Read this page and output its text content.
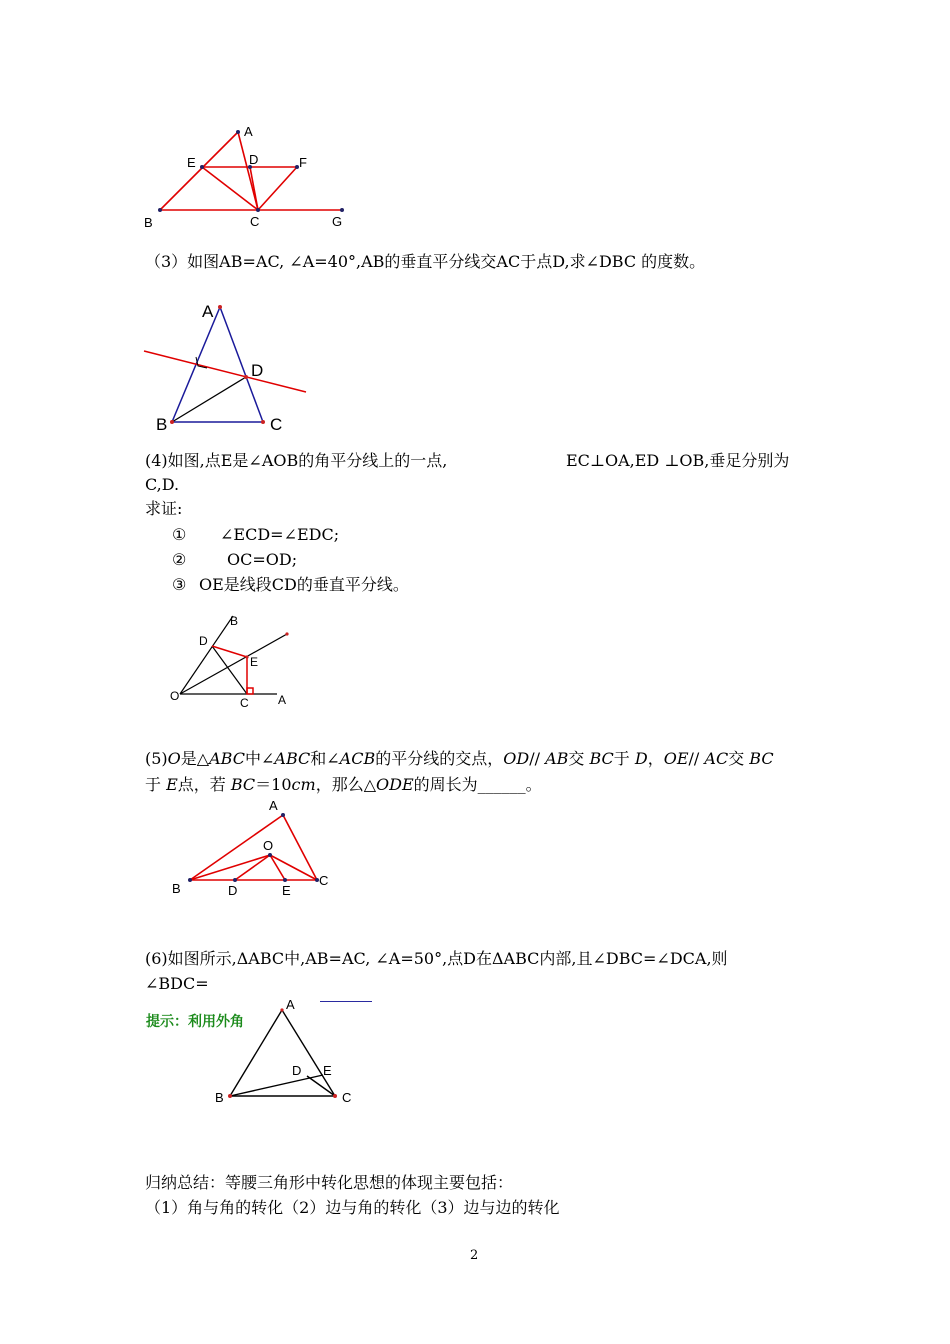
A
E	D	F
B	C	G
（3）如图AB=AC, ∠A=40°,AB的垂直平分线交AC于点D,求∠DBC 的度数。
A
D
B	C
(4)如图,点E是∠AOB的角平分线上的一点,	EC⊥OA,ED ⊥OB,垂足分别为
C,D.
求证:
① ∠ECD=∠EDC;
②	OC=OD;
③ OE是线段CD的垂直平分线。
B
D
E
O	C A
(5)O是△ABC中∠ABC和∠ACB的平分线的交点，OD// AB交 BC于 D，OE// AC交 BC
于 E点，若 BC＝10cm，那么△ODE的周长为______。
A
O
B	D	E
C
(6)如图所示,ΔABC中,AB=AC, ∠A=50°,点D在ΔABC内部,且∠DBC=∠DCA,则
∠BDC=
提示：利用外角
A
D E
B	C
归纳总结：等腰三角形中转化思想的体现主要包括：
（1）角与角的转化（2）边与角的转化（3）边与边的转化
2
